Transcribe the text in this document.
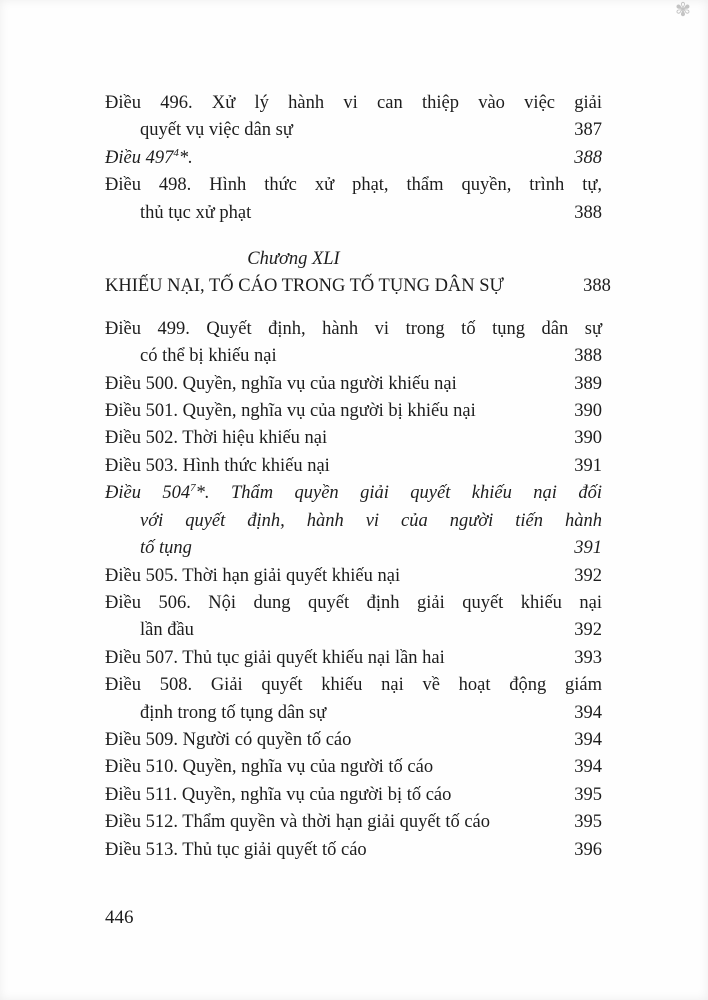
✾
Điều 496. Xử lý hành vi can thiệp vào việc giải
quyết vụ việc dân sự	387
Điều $497^4*$.	388
Điều 498. Hình thức xử phạt, thẩm quyền, trình tự,
thủ tục xử phạt	388
Chương XLI
KHIẾU NẠI, TỐ CÁO TRONG TỐ TỤNG DÂN SỰ	388
Điều 499. Quyết định, hành vi trong tố tụng dân sự
có thể bị khiếu nại	388
Điều 500. Quyền, nghĩa vụ của người khiếu nại	389
Điều 501. Quyền, nghĩa vụ của người bị khiếu nại	390
Điều 502. Thời hiệu khiếu nại	390
Điều 503. Hình thức khiếu nại	391
Điều $504^7*$. Thẩm quyền giải quyết khiếu nại đối
với quyết định, hành vi của người tiến hành
tố tụng	391
Điều 505. Thời hạn giải quyết khiếu nại	392
Điều 506. Nội dung quyết định giải quyết khiếu nại
lần đầu	392
Điều 507. Thủ tục giải quyết khiếu nại lần hai	393
Điều 508. Giải quyết khiếu nại về hoạt động giám
định trong tố tụng dân sự	394
Điều 509. Người có quyền tố cáo	394
Điều 510. Quyền, nghĩa vụ của người tố cáo	394
Điều 511. Quyền, nghĩa vụ của người bị tố cáo	395
Điều 512. Thẩm quyền và thời hạn giải quyết tố cáo	395
Điều 513. Thủ tục giải quyết tố cáo	396
446
